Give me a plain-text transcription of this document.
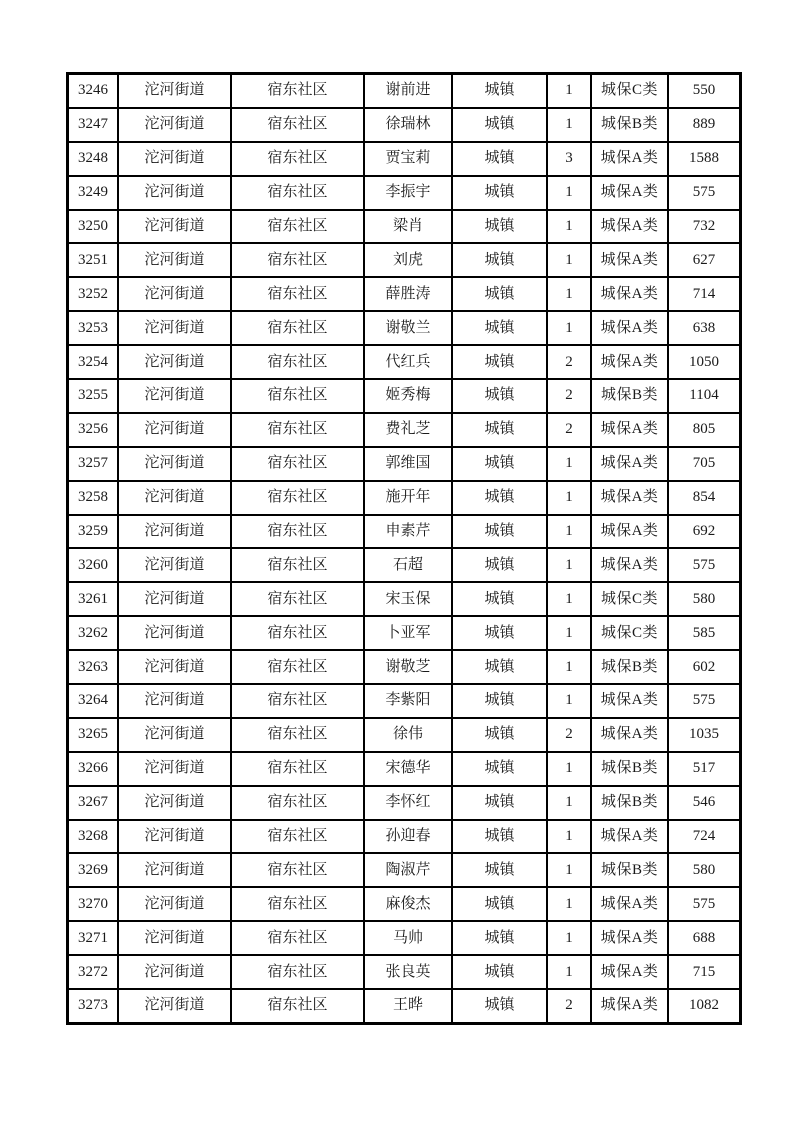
3246	沱河街道	宿东社区	谢前进	城镇	1	城保C类	550
3247	沱河街道	宿东社区	徐瑞林	城镇	1	城保B类	889
3248	沱河街道	宿东社区	贾宝莉	城镇	3	城保A类	1588
3249	沱河街道	宿东社区	李振宇	城镇	1	城保A类	575
3250	沱河街道	宿东社区	梁肖	城镇	1	城保A类	732
3251	沱河街道	宿东社区	刘虎	城镇	1	城保A类	627
3252	沱河街道	宿东社区	薛胜涛	城镇	1	城保A类	714
3253	沱河街道	宿东社区	谢敬兰	城镇	1	城保A类	638
3254	沱河街道	宿东社区	代红兵	城镇	2	城保A类	1050
3255	沱河街道	宿东社区	姬秀梅	城镇	2	城保B类	1104
3256	沱河街道	宿东社区	费礼芝	城镇	2	城保A类	805
3257	沱河街道	宿东社区	郭维国	城镇	1	城保A类	705
3258	沱河街道	宿东社区	施开年	城镇	1	城保A类	854
3259	沱河街道	宿东社区	申素芹	城镇	1	城保A类	692
3260	沱河街道	宿东社区	石超	城镇	1	城保A类	575
3261	沱河街道	宿东社区	宋玉保	城镇	1	城保C类	580
3262	沱河街道	宿东社区	卜亚军	城镇	1	城保C类	585
3263	沱河街道	宿东社区	谢敬芝	城镇	1	城保B类	602
3264	沱河街道	宿东社区	李紫阳	城镇	1	城保A类	575
3265	沱河街道	宿东社区	徐伟	城镇	2	城保A类	1035
3266	沱河街道	宿东社区	宋德华	城镇	1	城保B类	517
3267	沱河街道	宿东社区	李怀红	城镇	1	城保B类	546
3268	沱河街道	宿东社区	孙迎春	城镇	1	城保A类	724
3269	沱河街道	宿东社区	陶淑芹	城镇	1	城保B类	580
3270	沱河街道	宿东社区	麻俊杰	城镇	1	城保A类	575
3271	沱河街道	宿东社区	马帅	城镇	1	城保A类	688
3272	沱河街道	宿东社区	张良英	城镇	1	城保A类	715
3273	沱河街道	宿东社区	王晔	城镇	2	城保A类	1082
